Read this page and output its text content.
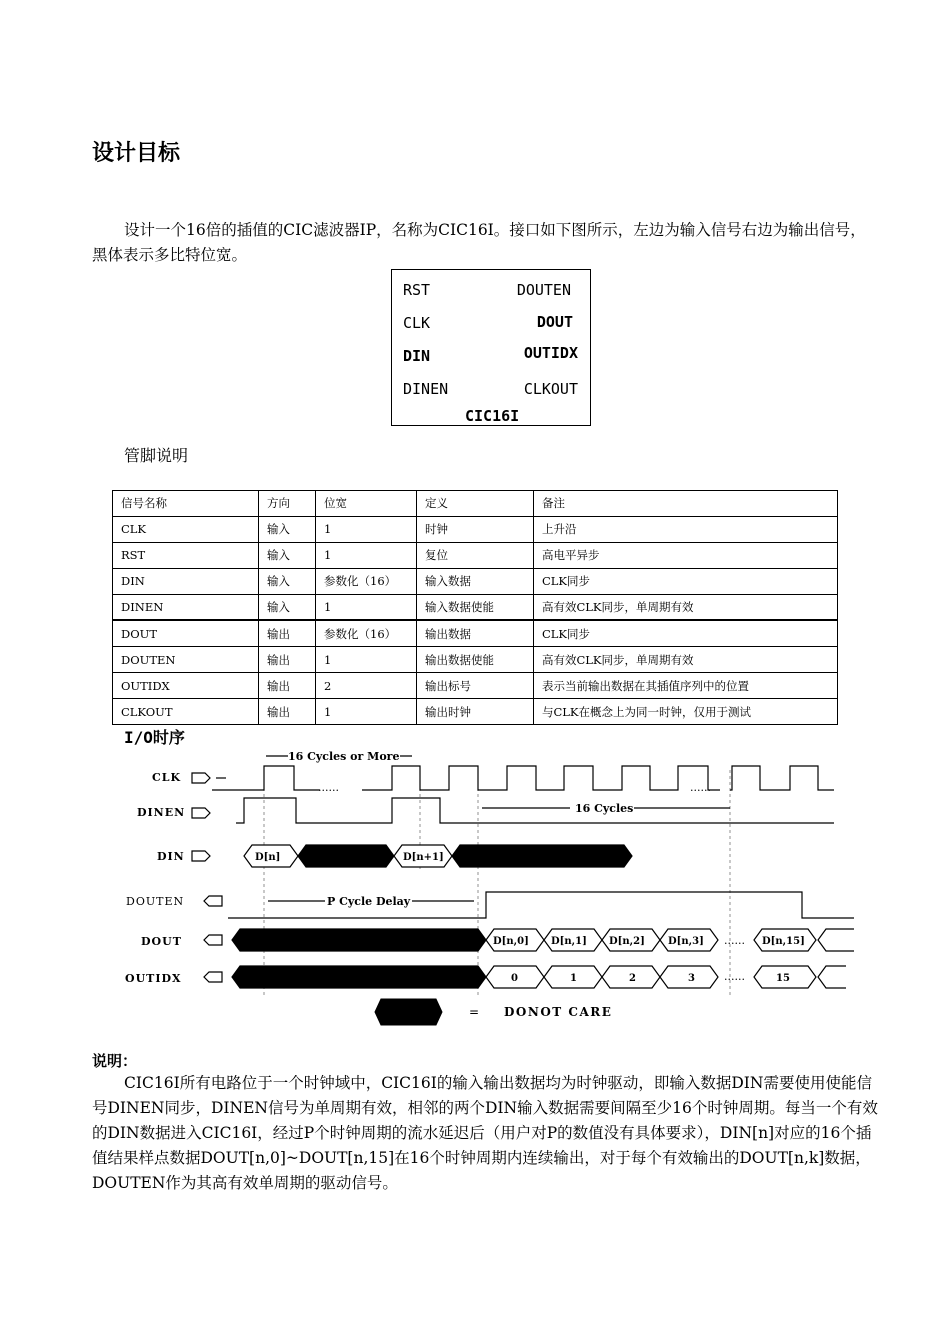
设计目标

设计一个16倍的插值的CIC滤波器IP，名称为CIC16I。接口如下图所示，左边为输入信号右边为输出信号，黑体表示多比特位宽。

RST
CLK
DIN
DINEN
DOUTEN
DOUT
OUTIDX
CLKOUT
CIC16I
管脚说明
信号名称	方向	位宽	定义	备注
CLK	输入	1	时钟	上升沿
RST	输入	1	复位	高电平异步
DIN	输入	参数化（16）	输入数据	CLK同步
DINEN	输入	1	输入数据使能	高有效CLK同步，单周期有效
DOUT	输出	参数化（16）	输出数据	CLK同步
DOUTEN	输出	1	输出数据使能	高有效CLK同步，单周期有效
OUTIDX	输出	2	输出标号	表示当前输出数据在其插值序列中的位置
CLKOUT	输出	1	输出时钟	与CLK在概念上为同一时钟，仅用于测试
I/O时序
CLK
DINEN
DIN
DOUTEN
DOUT
OUTIDX
16 Cycles or More
16 Cycles
P Cycle Delay
......	......
......
......
D[n]	D[n+1]
D[n,0] D[n,1] D[n,2] D[n,3]	D[n,15]
0	1	2	3	15
= DONOT CARE
说明：

CIC16I所有电路位于一个时钟域中，CIC16I的输入输出数据均为时钟驱动，即输入数据DIN需要使用使能信号DINEN同步，DINEN信号为单周期有效，相邻的两个DIN输入数据需要间隔至少16个时钟周期。每当一个有效的DIN数据进入CIC16I，经过P个时钟周期的流水延迟后（用户对P的数值没有具体要求），DIN[n]对应的16个插值结果样点数据DOUT[n,0]~DOUT[n,15]在16个时钟周期内连续输出，对于每个有效输出的DOUT[n,k]数据，DOUTEN作为其高有效单周期的驱动信号。
